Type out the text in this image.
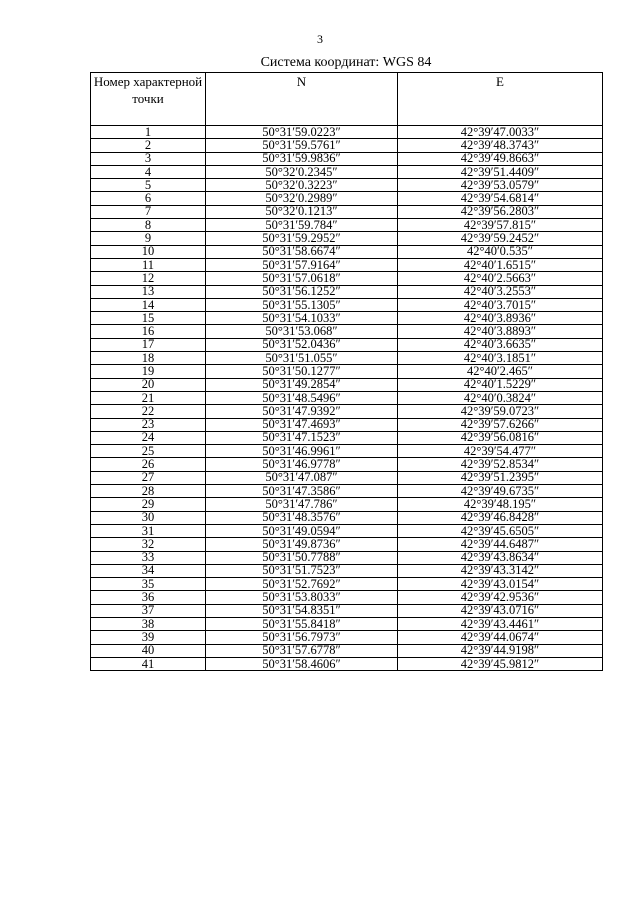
3
Система координат: WGS 84
Номер характерной точки	N	E
1	50°31′59.0223″	42°39′47.0033″
2	50°31′59.5761″	42°39′48.3743″
3	50°31′59.9836″	42°39′49.8663″
4	50°32′0.2345″	42°39′51.4409″
5	50°32′0.3223″	42°39′53.0579″
6	50°32′0.2989″	42°39′54.6814″
7	50°32′0.1213″	42°39′56.2803″
8	50°31′59.784″	42°39′57.815″
9	50°31′59.2952″	42°39′59.2452″
10	50°31′58.6674″	42°40′0.535″
11	50°31′57.9164″	42°40′1.6515″
12	50°31′57.0618″	42°40′2.5663″
13	50°31′56.1252″	42°40′3.2553″
14	50°31′55.1305″	42°40′3.7015″
15	50°31′54.1033″	42°40′3.8936″
16	50°31′53.068″	42°40′3.8893″
17	50°31′52.0436″	42°40′3.6635″
18	50°31′51.055″	42°40′3.1851″
19	50°31′50.1277″	42°40′2.465″
20	50°31′49.2854″	42°40′1.5229″
21	50°31′48.5496″	42°40′0.3824″
22	50°31′47.9392″	42°39′59.0723″
23	50°31′47.4693″	42°39′57.6266″
24	50°31′47.1523″	42°39′56.0816″
25	50°31′46.9961″	42°39′54.477″
26	50°31′46.9778″	42°39′52.8534″
27	50°31′47.087″	42°39′51.2395″
28	50°31′47.3586″	42°39′49.6735″
29	50°31′47.786″	42°39′48.195″
30	50°31′48.3576″	42°39′46.8428″
31	50°31′49.0594″	42°39′45.6505″
32	50°31′49.8736″	42°39′44.6487″
33	50°31′50.7788″	42°39′43.8634″
34	50°31′51.7523″	42°39′43.3142″
35	50°31′52.7692″	42°39′43.0154″
36	50°31′53.8033″	42°39′42.9536″
37	50°31′54.8351″	42°39′43.0716″
38	50°31′55.8418″	42°39′43.4461″
39	50°31′56.7973″	42°39′44.0674″
40	50°31′57.6778″	42°39′44.9198″
41	50°31′58.4606″	42°39′45.9812″
